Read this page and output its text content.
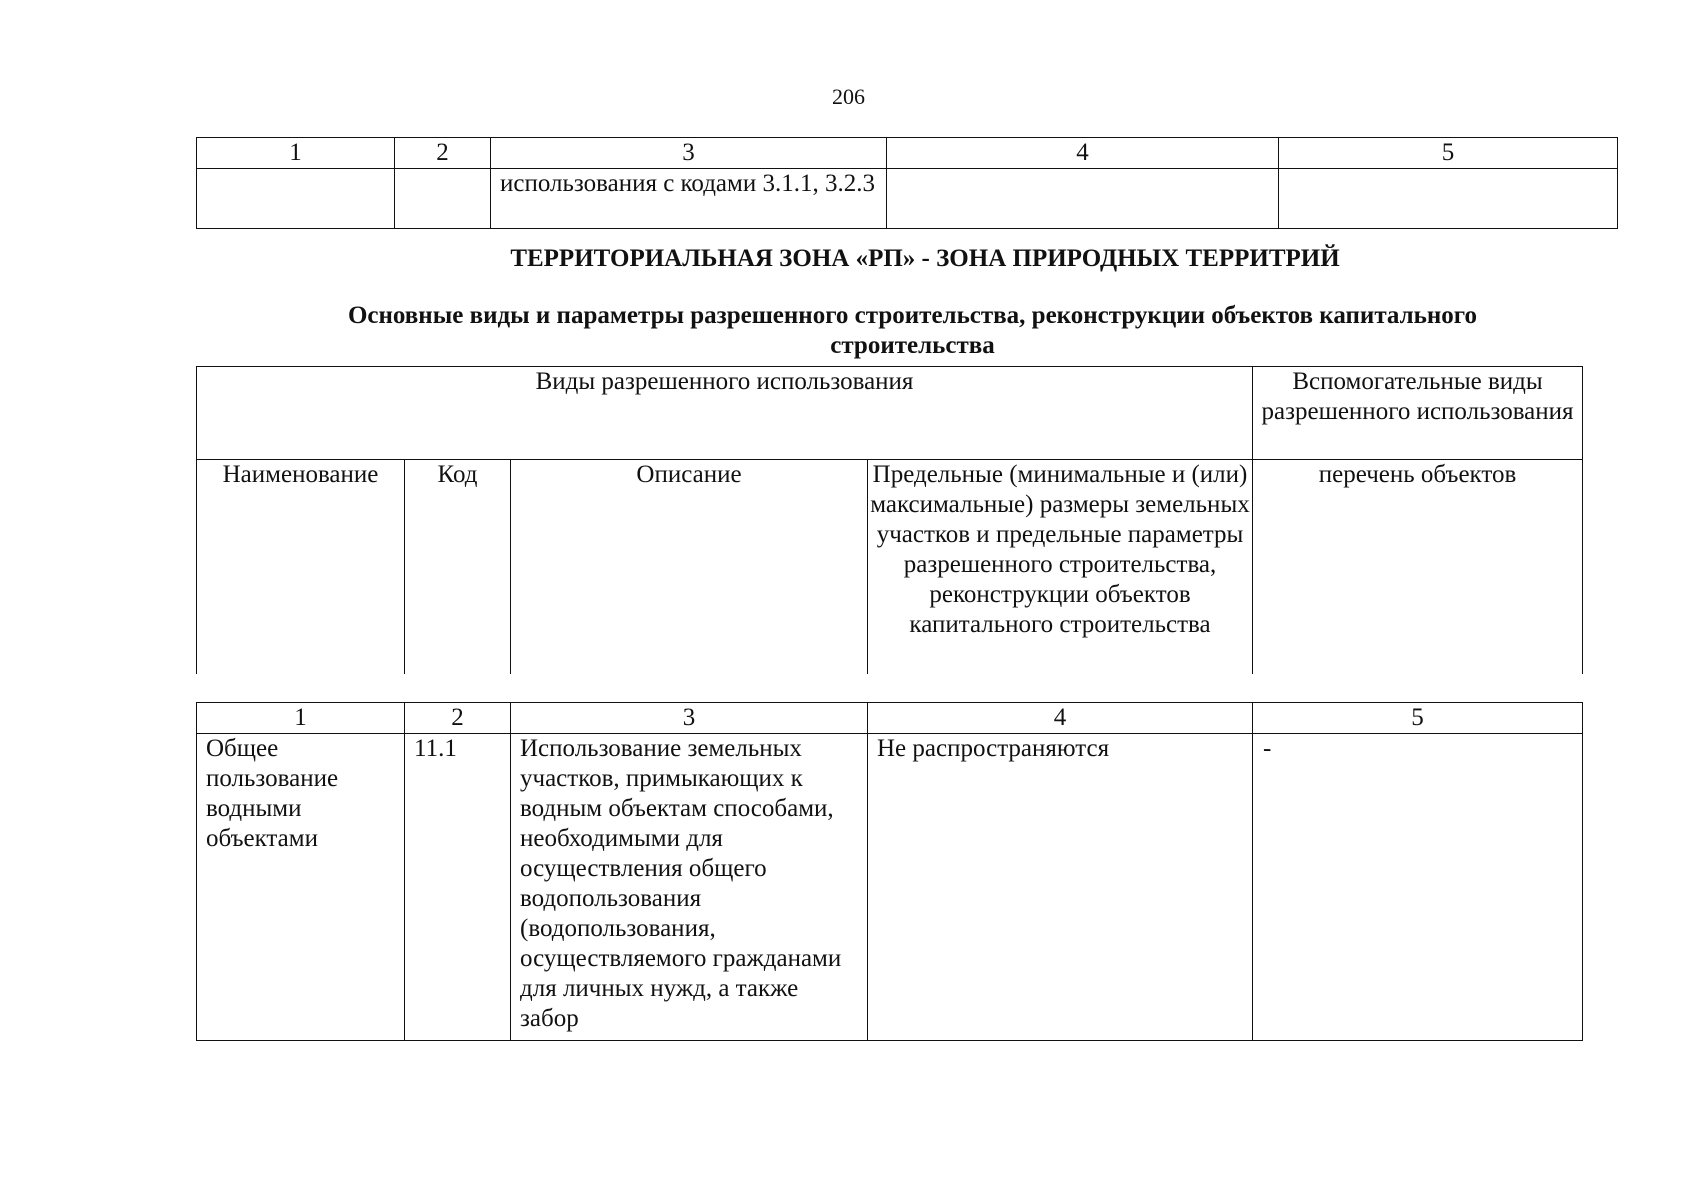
206
1	2	3	4	5
		использования с кодами 3.1.1, 3.2.3		
ТЕРРИТОРИАЛЬНАЯ ЗОНА «РП» - ЗОНА ПРИРОДНЫХ ТЕРРИТРИЙ
Основные виды и параметры разрешенного строительства, реконструкции объектов капитального строительства
Виды разрешенного использования				Вспомогательные виды разрешенного использования
Наименование	Код	Описание	Предельные (минимальные и (или) максимальные) размеры земельных участков и предельные параметры разрешенного строительства, реконструкции объектов капитального строительства	перечень объектов
1	2	3	4	5
Общее пользование водными объектами	11.1	Использование земельных участков, примыкающих к водным объектам способами, необходимыми для осуществления общего водопользования (водопользования, осуществляемого гражданами для личных нужд, а также забор	Не распространяются	-
